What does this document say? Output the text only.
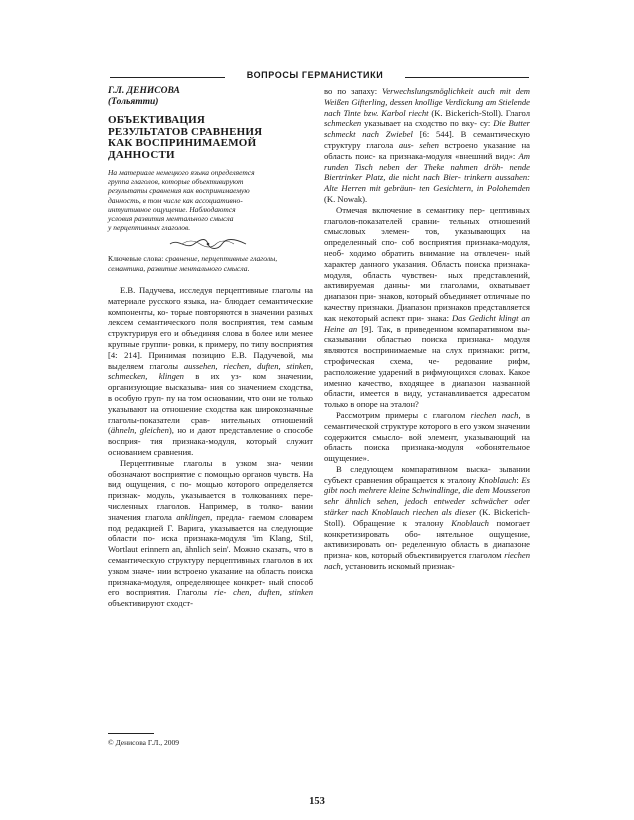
ВОПРОСЫ ГЕРМАНИСТИКИ

Г.Л. ДЕНИСОВА

(Тольятти)

ОБЪЕКТИВАЦИЯ
РЕЗУЛЬТАТОВ СРАВНЕНИЯ
КАК ВОСПРИНИМАЕМОЙ
ДАННОСТИ
На материале немецкого языка определяется
группа глаголов, которые объективируют
результаты сравнения как воспринимаемую
данность, в том числе как ассоциативно-
интуитивное ощущение. Наблюдаются
условия развития ментального смысла
у перцептивных глаголов.

Ключевые слова: сравнение, перцептивные глаголы,
семантика, развитие ментального смысла.

Е.В. Падучева, исследуя перцептивные глаголы на материале русского языка, на- блюдает семантические компоненты, ко- торые повторяются в значении разных лексем семантического поля восприятия, тем самым структурируя его и объединяя слова в более или менее крупные группи- ровки, к примеру, по типу восприятия [4: 214]. Принимая позицию Е.В. Падучевой, мы выделяем глаголы aussehen, riechen, duften, stinken, schmecken, klingen в их уз- ком значении, организующие высказыва- ния со значением сходства, в особую груп- пу на том основании, что они не только указывают на отношение сходства как широкозначные глаголы-показатели срав- нительных отношений (ähneln, gleichen), но и дают представление о способе восприя- тия признака-модуля, который служит основанием сравнения.

Перцептивные глаголы в узком зна- чении обозначают восприятие с помощью органов чувств. На вид ощущения, с по- мощью которого определяется признак- модуль, указывается в толкованиях пере- численных глаголов. Например, в толко- вании значения глагола anklingen, предла- гаемом словарем под редакцией Г. Варига, указывается на следующие области по- иска признака-модуля 'im Klang, Stil, Wortlaut erinnern an, ähnlich sein'. Можно сказать, что в семантическую структуру перцептивных глаголов в их узком значе- нии встроено указание на область поиска признака-модуля, определяющее конкрет- ный способ его восприятия. Глаголы rie- chen, duften, stinken объективируют сходст-

во по запаху: Verwechslungsmöglichkeit auch mit dem Weißen Gifterling, dessen knollige Verdickung am Stielende nach Tinte bzw. Karbol riecht (K. Bickerich-Stoll). Глагол schmecken указывает на сходство по вку- су: Die Butter schmeckt nach Zwiebel [6: 544]. В семантическую структуру глагола aus- sehen встроено указание на область поис- ка признака-модуля «внешний вид»: Am runden Tisch neben der Theke nahmen dröh- nende Biertrinker Platz, die nicht nach Bier- trinkern aussahen: Alte Herren mit gebräun- ten Gesichtern, in Polohemden (K. Nowak).

Отмечая включение в семантику пер- цептивных глаголов-показателей сравни- тельных отношений смысловых элемен- тов, указывающих на определенный спо- соб восприятия признака-модуля, необ- ходимо обратить внимание на отвлечен- ный характер данного указания. Область поиска признака-модуля, область чувствен- ных представлений, активируемая данны- ми глаголами, охватывает диапазон при- знаков, который объединяет отличные по качеству признаки. Диапазон признаков представляется как некоторый аспект при- знака: Das Gedicht klingt an Heine an [9]. Так, в приведенном компаративном вы- сказывании областью поиска признака- модуля являются воспринимаемые на слух признаки: ритм, строфическая схема, че- редование рифм, расположение ударений в рифмующихся словах. Какое именно качество, входящее в диапазон названной области, имеется в виду, устанавливается адресатом только в опоре на эталон?

Рассмотрим примеры с глаголом riechen nach, в семантической структуре которого в его узком значении содержится смысло- вой элемент, указывающий на область поиска признака-модуля «обонятельное ощущение».

В следующем компаративном выска- зывании субъект сравнения обращается к эталону Knoblauch: Es gibt noch mehrere kleine Schwindlinge, die dem Mousseron sehr ähnlich sehen, jedoch entweder schwächer oder stärker nach Knoblauch riechen als dieser (K. Bickerich-Stoll). Обращение к эталону Knoblauch помогает конкретизировать обо- нятельное ощущение, активизировать оп- ределенную область в диапазоне призна- ков, который объективируется глаголом riechen nach, установить искомый признак-

© Денисова Г.Л., 2009
153
